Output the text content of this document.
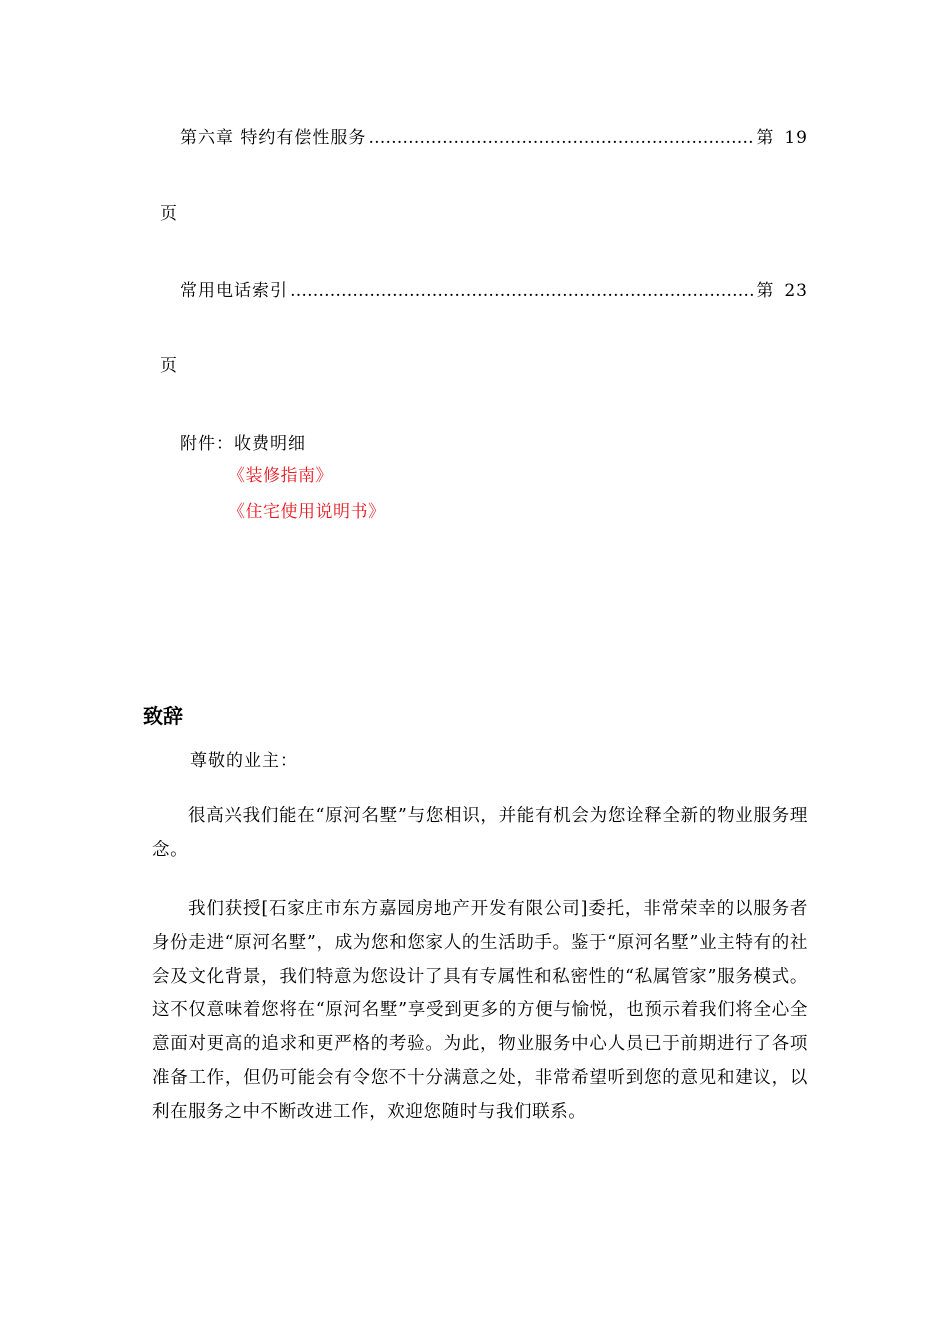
第六章 特约有偿性服务 ……………………………………………………………………………………………………………………………………………	第 19
页
常用电话索引 ……………………………………………………………………………………………………………………………………………	第 23
页
附件：收费明细
《装修指南》
《住宅使用说明书》
致辞
尊敬的业主：
很高兴我们能在“原河名墅”与您相识，并能有机会为您诠释全新的物业服务理念。
我们获授[石家庄市东方嘉园房地产开发有限公司]委托，非常荣幸的以服务者身份走进“原河名墅”，成为您和您家人的生活助手。鉴于“原河名墅”业主特有的社会及文化背景，我们特意为您设计了具有专属性和私密性的“私属管家”服务模式。这不仅意味着您将在“原河名墅”享受到更多的方便与愉悦，也预示着我们将全心全意面对更高的追求和更严格的考验。为此，物业服务中心人员已于前期进行了各项准备工作，但仍可能会有令您不十分满意之处，非常希望听到您的意见和建议，以利在服务之中不断改进工作，欢迎您随时与我们联系。
